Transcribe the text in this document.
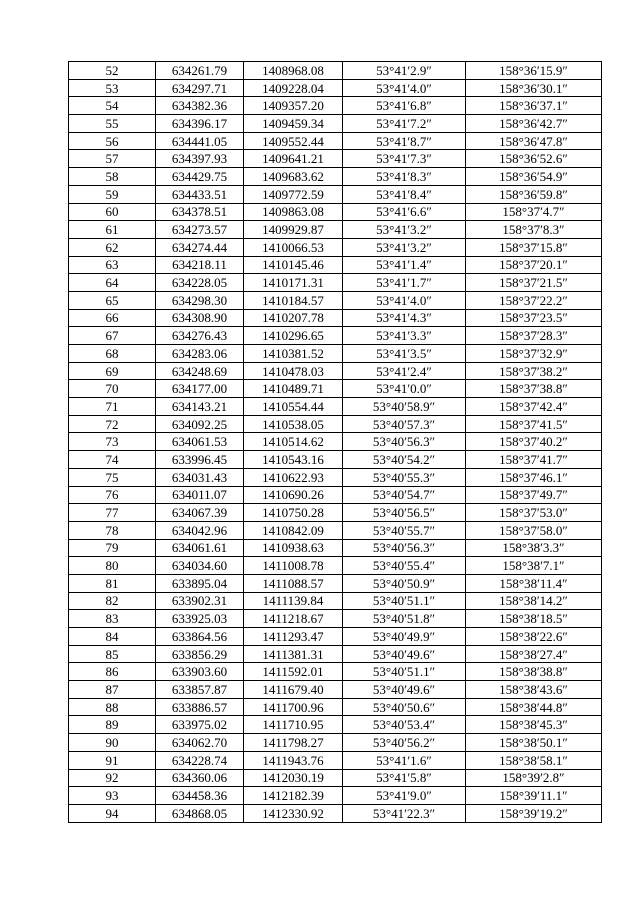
52	634261.79	1408968.08	53°41′2.9″	158°36′15.9″
53	634297.71	1409228.04	53°41′4.0″	158°36′30.1″
54	634382.36	1409357.20	53°41′6.8″	158°36′37.1″
55	634396.17	1409459.34	53°41′7.2″	158°36′42.7″
56	634441.05	1409552.44	53°41′8.7″	158°36′47.8″
57	634397.93	1409641.21	53°41′7.3″	158°36′52.6″
58	634429.75	1409683.62	53°41′8.3″	158°36′54.9″
59	634433.51	1409772.59	53°41′8.4″	158°36′59.8″
60	634378.51	1409863.08	53°41′6.6″	158°37′4.7″
61	634273.57	1409929.87	53°41′3.2″	158°37′8.3″
62	634274.44	1410066.53	53°41′3.2″	158°37′15.8″
63	634218.11	1410145.46	53°41′1.4″	158°37′20.1″
64	634228.05	1410171.31	53°41′1.7″	158°37′21.5″
65	634298.30	1410184.57	53°41′4.0″	158°37′22.2″
66	634308.90	1410207.78	53°41′4.3″	158°37′23.5″
67	634276.43	1410296.65	53°41′3.3″	158°37′28.3″
68	634283.06	1410381.52	53°41′3.5″	158°37′32.9″
69	634248.69	1410478.03	53°41′2.4″	158°37′38.2″
70	634177.00	1410489.71	53°41′0.0″	158°37′38.8″
71	634143.21	1410554.44	53°40′58.9″	158°37′42.4″
72	634092.25	1410538.05	53°40′57.3″	158°37′41.5″
73	634061.53	1410514.62	53°40′56.3″	158°37′40.2″
74	633996.45	1410543.16	53°40′54.2″	158°37′41.7″
75	634031.43	1410622.93	53°40′55.3″	158°37′46.1″
76	634011.07	1410690.26	53°40′54.7″	158°37′49.7″
77	634067.39	1410750.28	53°40′56.5″	158°37′53.0″
78	634042.96	1410842.09	53°40′55.7″	158°37′58.0″
79	634061.61	1410938.63	53°40′56.3″	158°38′3.3″
80	634034.60	1411008.78	53°40′55.4″	158°38′7.1″
81	633895.04	1411088.57	53°40′50.9″	158°38′11.4″
82	633902.31	1411139.84	53°40′51.1″	158°38′14.2″
83	633925.03	1411218.67	53°40′51.8″	158°38′18.5″
84	633864.56	1411293.47	53°40′49.9″	158°38′22.6″
85	633856.29	1411381.31	53°40′49.6″	158°38′27.4″
86	633903.60	1411592.01	53°40′51.1″	158°38′38.8″
87	633857.87	1411679.40	53°40′49.6″	158°38′43.6″
88	633886.57	1411700.96	53°40′50.6″	158°38′44.8″
89	633975.02	1411710.95	53°40′53.4″	158°38′45.3″
90	634062.70	1411798.27	53°40′56.2″	158°38′50.1″
91	634228.74	1411943.76	53°41′1.6″	158°38′58.1″
92	634360.06	1412030.19	53°41′5.8″	158°39′2.8″
93	634458.36	1412182.39	53°41′9.0″	158°39′11.1″
94	634868.05	1412330.92	53°41′22.3″	158°39′19.2″
